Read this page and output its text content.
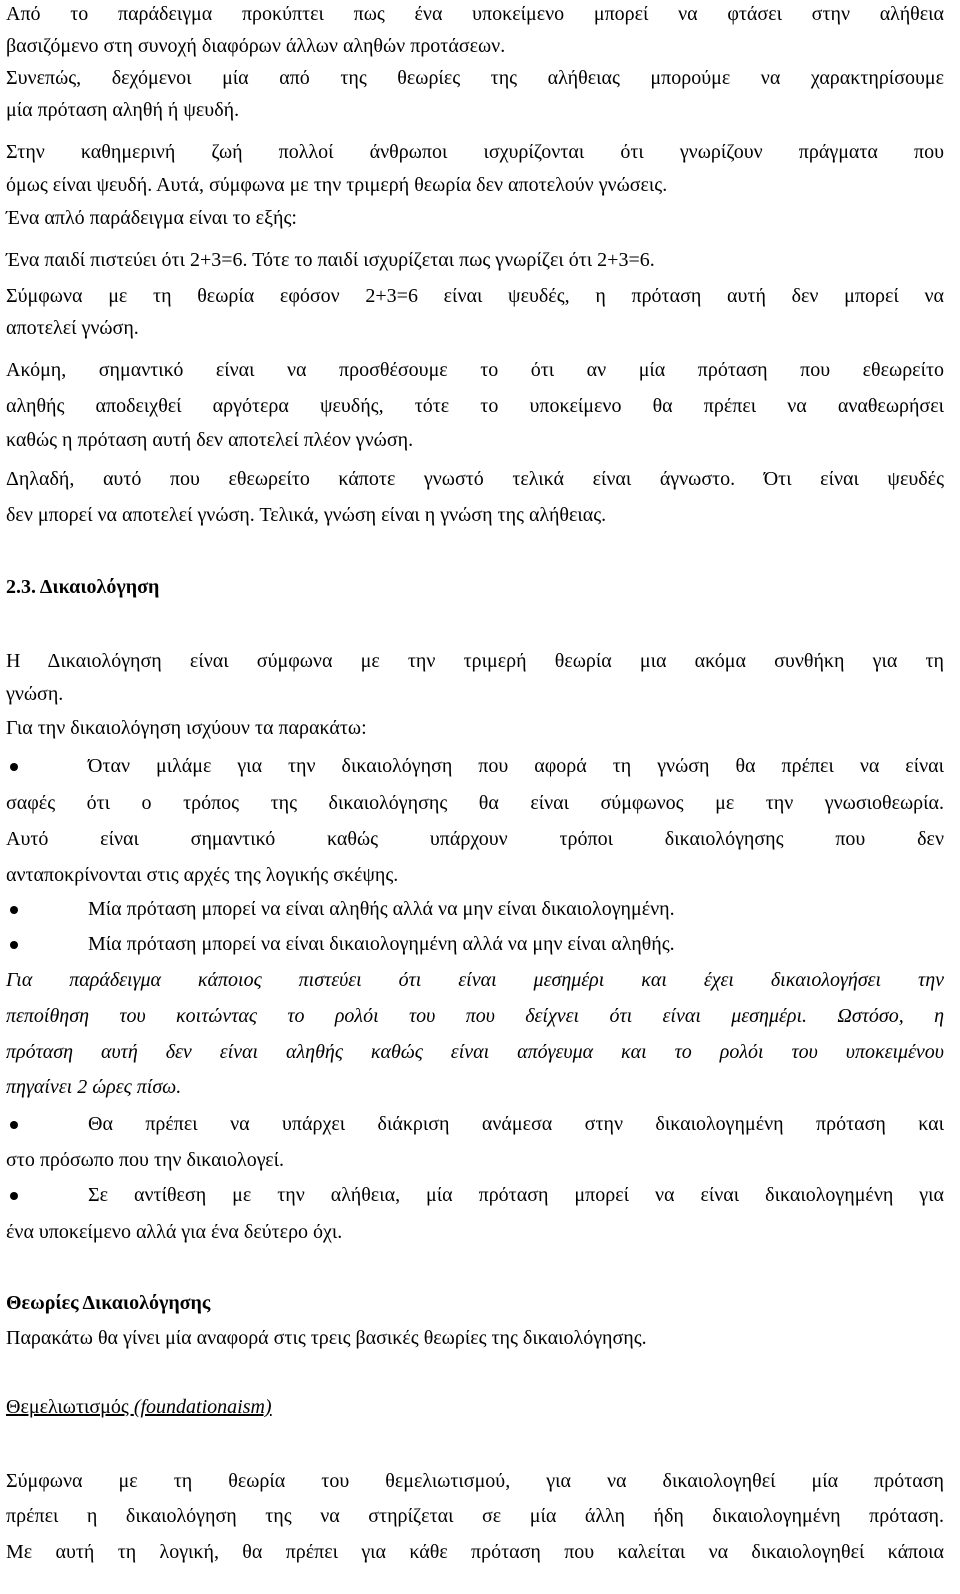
Από το παράδειγμα προκύπτει πως ένα υποκείμενο μπορεί να φτάσει στην αλήθεια
βασιζόμενο στη συνοχή διαφόρων άλλων αληθών προτάσεων.
Συνεπώς, δεχόμενοι μία από της θεωρίες της αλήθειας μπορούμε να χαρακτηρίσουμε
μία πρόταση αληθή ή ψευδή.
Στην καθημερινή ζωή πολλοί άνθρωποι ισχυρίζονται ότι γνωρίζουν πράγματα που
όμως είναι ψευδή. Αυτά, σύμφωνα με την τριμερή θεωρία δεν αποτελούν γνώσεις.
Ένα απλό παράδειγμα είναι το εξής:
Ένα παιδί πιστεύει ότι 2+3=6. Τότε το παιδί ισχυρίζεται πως γνωρίζει ότι 2+3=6.
Σύμφωνα με τη θεωρία εφόσον 2+3=6 είναι ψευδές, η πρόταση αυτή δεν μπορεί να
αποτελεί γνώση.
Ακόμη, σημαντικό είναι να προσθέσουμε το ότι αν μία πρόταση που εθεωρείτο
αληθής αποδειχθεί αργότερα ψευδής, τότε το υποκείμενο θα πρέπει να αναθεωρήσει
καθώς η πρόταση αυτή δεν αποτελεί πλέον γνώση.
Δηλαδή, αυτό που εθεωρείτο κάποτε γνωστό τελικά είναι άγνωστο. Ότι είναι ψευδές
δεν μπορεί να αποτελεί γνώση. Τελικά, γνώση είναι η γνώση της αλήθειας.
2.3. Δικαιολόγηση
Η Δικαιολόγηση είναι σύμφωνα με την τριμερή θεωρία μια ακόμα συνθήκη για τη
γνώση.
Για την δικαιολόγηση ισχύουν τα παρακάτω:
Όταν μιλάμε για την δικαιολόγηση που αφορά τη γνώση θα πρέπει να είναι
σαφές ότι ο τρόπος της δικαιολόγησης θα είναι σύμφωνος με την γνωσιοθεωρία.
Αυτό είναι σημαντικό καθώς υπάρχουν τρόποι δικαιολόγησης που δεν
ανταποκρίνονται στις αρχές της λογικής σκέψης.
Μία πρόταση μπορεί να είναι αληθής αλλά να μην είναι δικαιολογημένη.
Μία πρόταση μπορεί να είναι δικαιολογημένη αλλά να μην είναι αληθής.
Για παράδειγμα κάποιος πιστεύει ότι είναι μεσημέρι και έχει δικαιολογήσει την
πεποίθηση του κοιτώντας το ρολόι του που δείχνει ότι είναι μεσημέρι. Ωστόσο, η
πρόταση αυτή δεν είναι αληθής καθώς είναι απόγευμα και το ρολόι του υποκειμένου
πηγαίνει 2 ώρες πίσω.
Θα πρέπει να υπάρχει διάκριση ανάμεσα στην δικαιολογημένη πρόταση και
στο πρόσωπο που την δικαιολογεί.
Σε αντίθεση με την αλήθεια, μία πρόταση μπορεί να είναι δικαιολογημένη για
ένα υποκείμενο αλλά για ένα δεύτερο όχι.
Θεωρίες Δικαιολόγησης
Παρακάτω θα γίνει μία αναφορά στις τρεις βασικές θεωρίες της δικαιολόγησης.
Θεμελιωτισμός (foundationaism)
Σύμφωνα με τη θεωρία του θεμελιωτισμού, για να δικαιολογηθεί μία πρόταση
πρέπει η δικαιολόγηση της να στηρίζεται σε μία άλλη ήδη δικαιολογημένη πρόταση.
Με αυτή τη λογική, θα πρέπει για κάθε πρόταση που καλείται να δικαιολογηθεί κάποια
